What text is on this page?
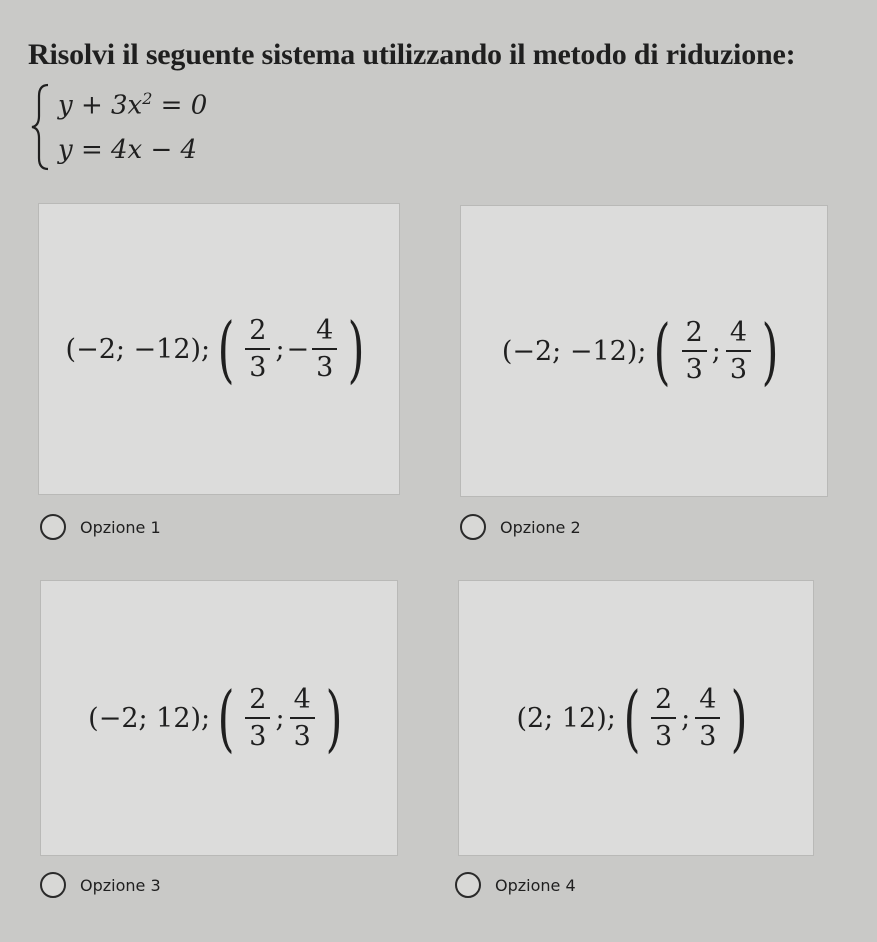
Risolvi il seguente sistema utilizzando il metodo di riduzione:
$y + 3x^2 = 0$
y = 4x − 4
(−2; −12); ( $\frac{2}{3}$ ; − $\frac{4}{3}$ )	(−2; −12); ( $\frac{2}{3}$ ; $\frac{4}{3}$ )
(−2; 12); ( $\frac{2}{3}$ ; $\frac{4}{3}$ )	(2; 12); ( $\frac{2}{3}$ ; $\frac{4}{3}$ )
Opzione 1	Opzione 2
Opzione 3	Opzione 4
